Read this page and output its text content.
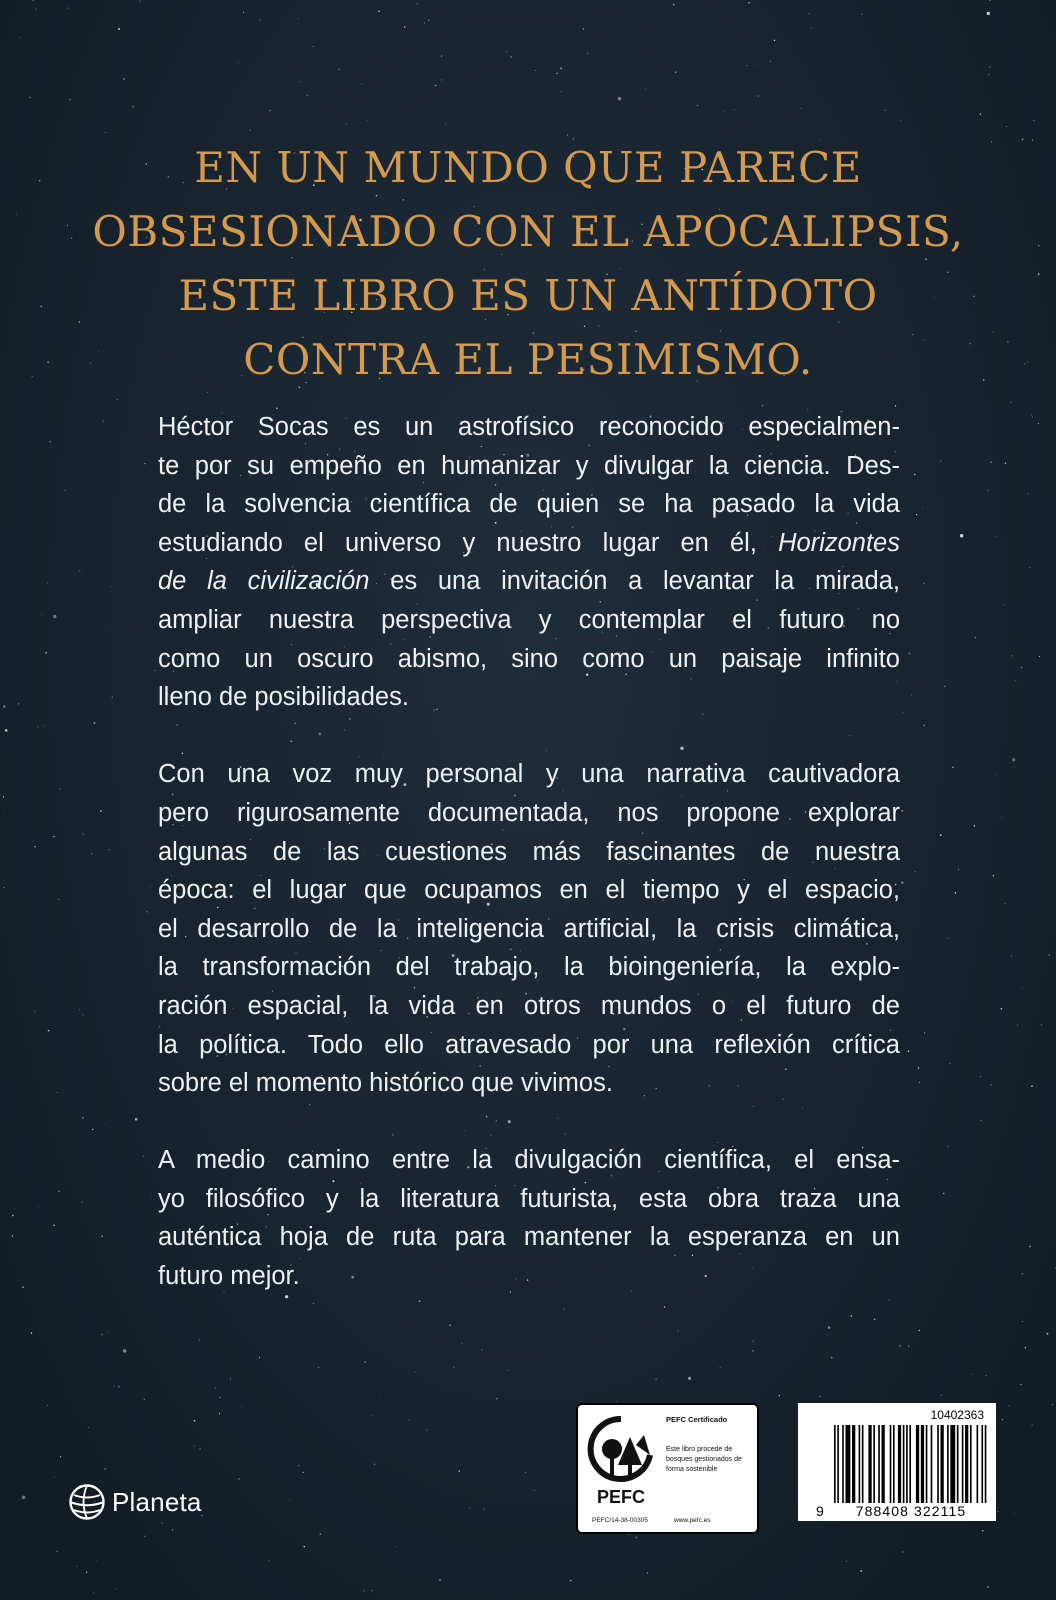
EN UN MUNDO QUE PARECE
OBSESIONADO CON EL APOCALIPSIS,
ESTE LIBRO ES UN ANTÍDOTO
CONTRA EL PESIMISMO.
Héctor Socas es un astrofísico reconocido especialmen-
te por su empeño en humanizar y divulgar la ciencia. Des-
de la solvencia científica de quien se ha pasado la vida
estudiando el universo y nuestro lugar en él, Horizontes
de la civilización es una invitación a levantar la mirada,
ampliar nuestra perspectiva y contemplar el futuro no
como un oscuro abismo, sino como un paisaje infinito
lleno de posibilidades.
Con una voz muy personal y una narrativa cautivadora
pero rigurosamente documentada, nos propone explorar
algunas de las cuestiones más fascinantes de nuestra
época: el lugar que ocupamos en el tiempo y el espacio,
el desarrollo de la inteligencia artificial, la crisis climática,
la transformación del trabajo, la bioingeniería, la explo-
ración espacial, la vida en otros mundos o el futuro de
la política. Todo ello atravesado por una reflexión crítica
sobre el momento histórico que vivimos.
A medio camino entre la divulgación científica, el ensa-
yo filosófico y la literatura futurista, esta obra traza una
auténtica hoja de ruta para mantener la esperanza en un
futuro mejor.
Planeta	PEFC
PEFC Certificado
Este libro procede de bosques gestionados de forma sostenible
PEFC/14-38-00305	www.pefc.es
10402363
9	788408 322115
